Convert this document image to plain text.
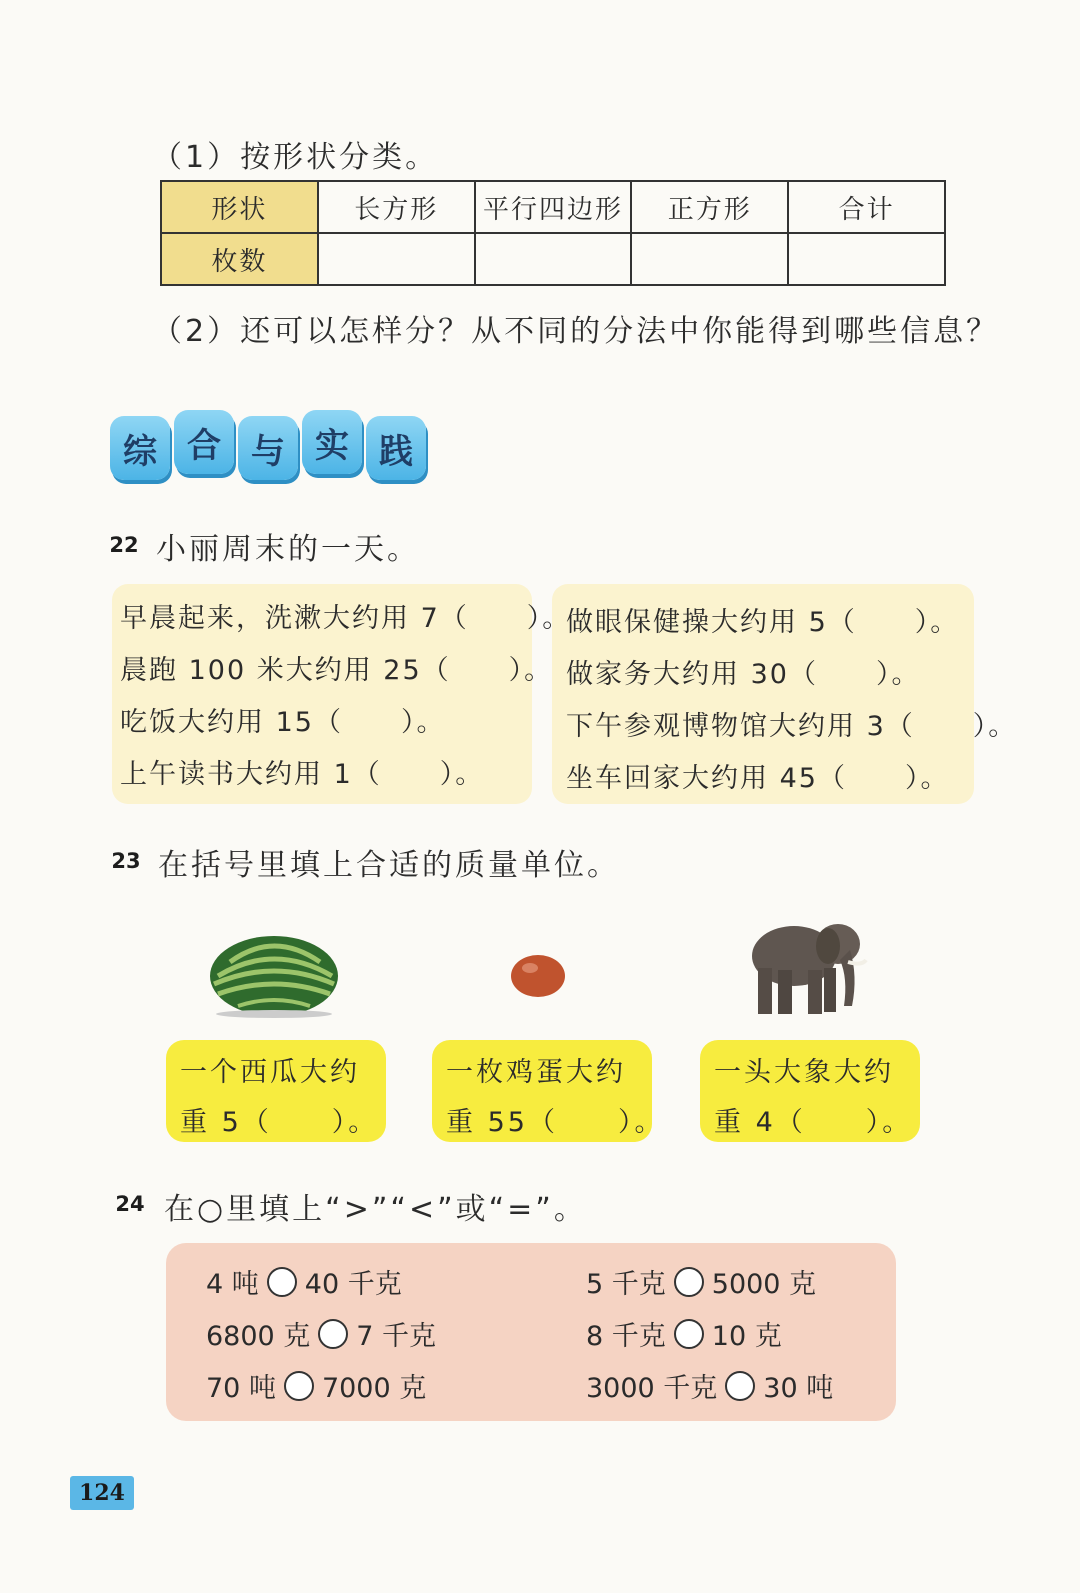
（1）按形状分类。
形状	长方形	平行四边形	正方形	合计
枚数				
（2）还可以怎样分？从不同的分法中你能得到哪些信息？
综 合 与 实 践
22 小丽周末的一天。
早晨起来，洗漱大约用 7（　　）。
晨跑 100 米大约用 25（　　）。
吃饭大约用 15（　　）。
上午读书大约用 1（　　）。
做眼保健操大约用 5（　　）。
做家务大约用 30（　　）。
下午参观博物馆大约用 3（　　）。
坐车回家大约用 45（　　）。
23 在括号里填上合适的质量单位。
一个西瓜大约
重 5（　　）。
一枚鸡蛋大约
重 55（　　）。
一头大象大约
重 4（　　）。
24 在○里填上“>”“<”或“=”。
4 吨 40 千克
6800 克 7 千克
70 吨 7000 克
5 千克 5000 克
8 千克 10 克
3000 千克 30 吨
124
